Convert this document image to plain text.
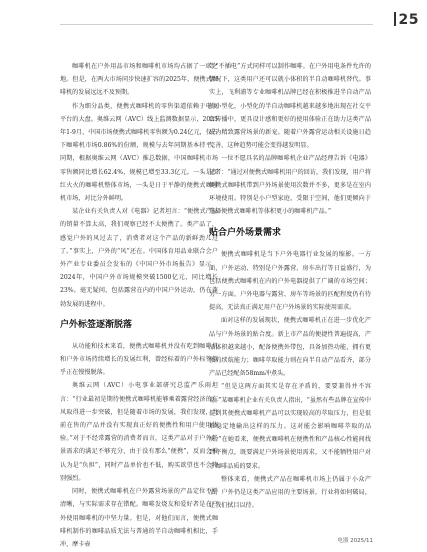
25

咖啡机在户外用品市场和咖啡机市场均占据了一席之地。但是，在两大市场同步快速扩容的2025年，便携式咖啡机的发展远远不及预期。

作为细分品类，便携式咖啡机的零售渠道依赖于电商平台的大盘。奥维云网（AVC）线上监测数据显示，2025年1-9月，中国市场便携式咖啡机零售额为0.24亿元，仅占下咖啡机市场0.86%的份额，规模与去年同期基本持平。同期，根据奥维云网（AVC）推总数据，中国咖啡机市场零售额同比增长62.4%，规模已增至33.3亿元。一头是红红火火的咖啡机整体市场，一头是日于平静的便携式咖啡机市场，对比分外鲜明。

某企业有关负责人对《电器》记者坦言：“便携式产品的销量不算太高，我们观察已经不太便携了。类产品了，感觉户外的风过去了，消费者对这个产品的新鲜劲儿过了。”事实上，户外的“风”还在。中国体育用品业联合会户外产业专业委员会发布的《中国户外市场报告》显示，2024年，中国户外市场规模突破1500亿元，同比增长23%。毫无疑问，包括露营在内的中国户外运动，仍在蓬勃发展的进程中。

户外标签逐渐脱落

从功能和技术来看，便携式咖啡机并没有吃到咖啡机和户外市场持续增长的发展红利，曾经标着的户外标签似乎正在慢慢脱落。

奥维云网（AVC）小电事业部研究总监严乐雨坦言：“行业最初是期待便携式咖啡机能够乘着露营经济的东风取得进一步突破，但是随着市场的发展，我们发现，当前在售的产品并没有实现真正好的便携性和用户使用体验。”对于不经常露营的消费者而言，这类产品对于户外场景需求的满足不够充分，由于没有那么“便携”，反而会被认为是“负担”，同时产品单价也不低，购买欲望也不会特别强烈。

同时，便携式咖啡机在户外露营场景的产品定位不够清晰，与实际需求存在错配。咖啡发烧友和爱好者是在户外使用咖啡机的中坚力量。但是，对他们而言，便携式咖啡机制作的咖啡品质无法与普通的半自动咖啡机相比，手冲、摩卡壶

等“不插电”方式同样可以制作咖啡。在户外用电条件允许的情况下，这类用户还可以就小体积的半自动咖啡机替代。事实上，飞利浦等专业咖啡机品牌已经在积极推进半自动产品的小型化，小型化的半自动咖啡机越来越多地出现在社交平台传播中，更具设计感和更好的使用体验正在助力这类产品成为精致露营场景的新宠。随着户外露营运动相关设施日趋完善，这种趋势可能会变得越发明显。

一位不愿具名的品牌咖啡机企业产品经理告诉《电器》记者：“通过对便携式咖啡机用户的回访，我们发现，用户将便携式咖啡机带到户外场景使用次数并不多，更多是在室内环境使用。特别是小户型家庭，受限于空间，他们更倾向于选择便携式咖啡机等体积更小的咖啡机产品。”

贴合户外场景需求

便携式咖啡机是当下户外电器行业发展的缩影。一方面，户外运动、特别是户外露营、房车出行等日益盛行，为包括便携式咖啡机在内的户外电器提供了广阔的市场空间；另一方面，户外电器与露营、房车等场景的匹配程度仍有待提高，无法真正满足用户在户外场景的实际使用需求。

面对这样的发展现状，便携式咖啡机正在进一步优化产品与户外场景的贴合度。新上市产品的便捷性普遍提高，产品体积越来越小，配备便携外带包，具备加热功能，拥有更强的续航能力；咖啡萃取能力则在向半自动产品看齐，部分产品已经配备58mm冲煮头。

“但是这两方面其实是存在矛盾的，要要兼得并不容易。”某咖啡机企业有关负责人指出，“虽然有些品牌在宣传中提到其便携式咖啡机产品可以实现较高的萃取压力，但是很难稳定地输出这样的压力。这对能会影响咖啡萃取的品质。”在她看来，便携式咖啡机在便携性和产品核心性能间找到平衡点，既要满足户外场景使用需求，又不能牺牲用户对于咖啡品质的要求。

整体来看，便携式产品在咖啡机市场上仍属于小众产品，户外仍是这类产品应用的主要场景，行业将如何破局，让我们拭目以待。

电器 2025/11
